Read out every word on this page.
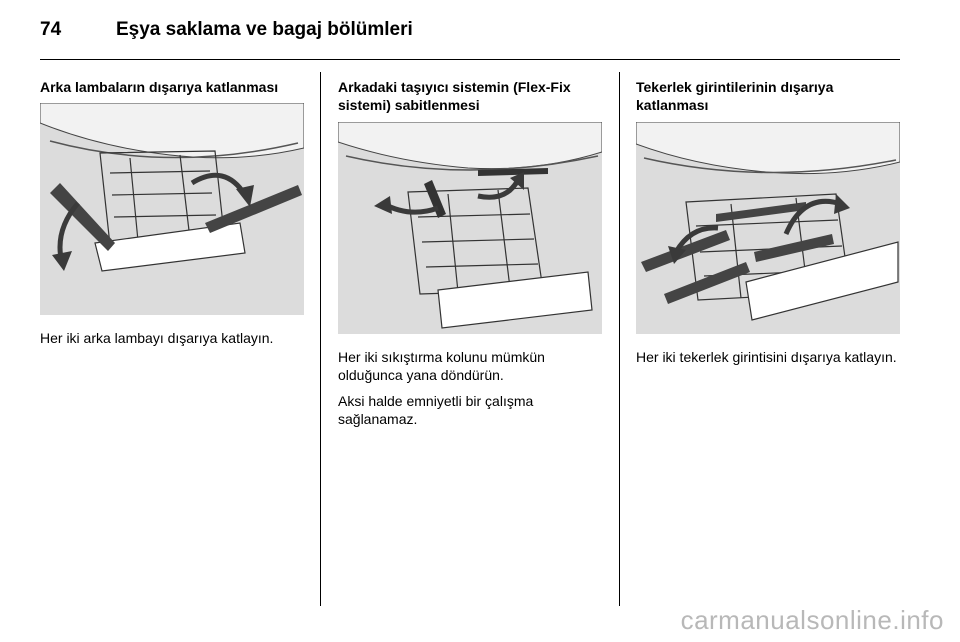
74	Eşya saklama ve bagaj bölümleri
Arka lambaların dışarıya katlanması

Her iki arka lambayı dışarıya katlayın.

Arkadaki taşıyıcı sistemin (Flex-Fix sistemi) sabitlenmesi

Her iki sıkıştırma kolunu mümkün olduğunca yana döndürün.

Aksi halde emniyetli bir çalışma sağlanamaz.

Tekerlek girintilerinin dışarıya katlanması

Her iki tekerlek girintisini dışarıya katlayın.

carmanualsonline.info
